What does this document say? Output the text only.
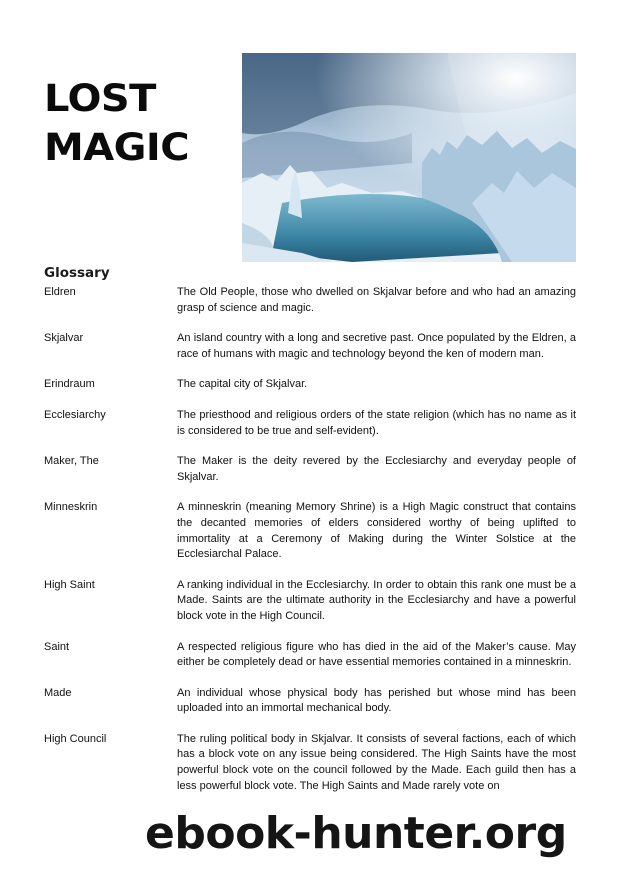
LOST
MAGIC
Glossary
Eldren	The Old People, those who dwelled on Skjalvar before and who had an amazing grasp of science and magic.
Skjalvar	An island country with a long and secretive past. Once populated by the Eldren, a race of humans with magic and technology beyond the ken of modern man.
Erindraum	The capital city of Skjalvar.
Ecclesiarchy	The priesthood and religious orders of the state religion (which has no name as it is considered to be true and self-evident).
Maker, The	The Maker is the deity revered by the Ecclesiarchy and everyday people of Skjalvar.
Minneskrin	A minneskrin (meaning Memory Shrine) is a High Magic construct that contains the decanted memories of elders considered worthy of being uplifted to immortality at a Ceremony of Making during the Winter Solstice at the Ecclesiarchal Palace.
High Saint	A ranking individual in the Ecclesiarchy. In order to obtain this rank one must be a Made. Saints are the ultimate authority in the Ecclesiarchy and have a powerful block vote in the High Council.
Saint	A respected religious figure who has died in the aid of the Maker’s cause. May either be completely dead or have essential memories contained in a minneskrin.
Made	An individual whose physical body has perished but whose mind has been uploaded into an immortal mechanical body.
High Council	The ruling political body in Skjalvar. It consists of several factions, each of which has a block vote on any issue being considered. The High Saints have the most powerful block vote on the council followed by the Made. Each guild then has a less powerful block vote. The High Saints and Made rarely vote on

ebook-hunter.org
